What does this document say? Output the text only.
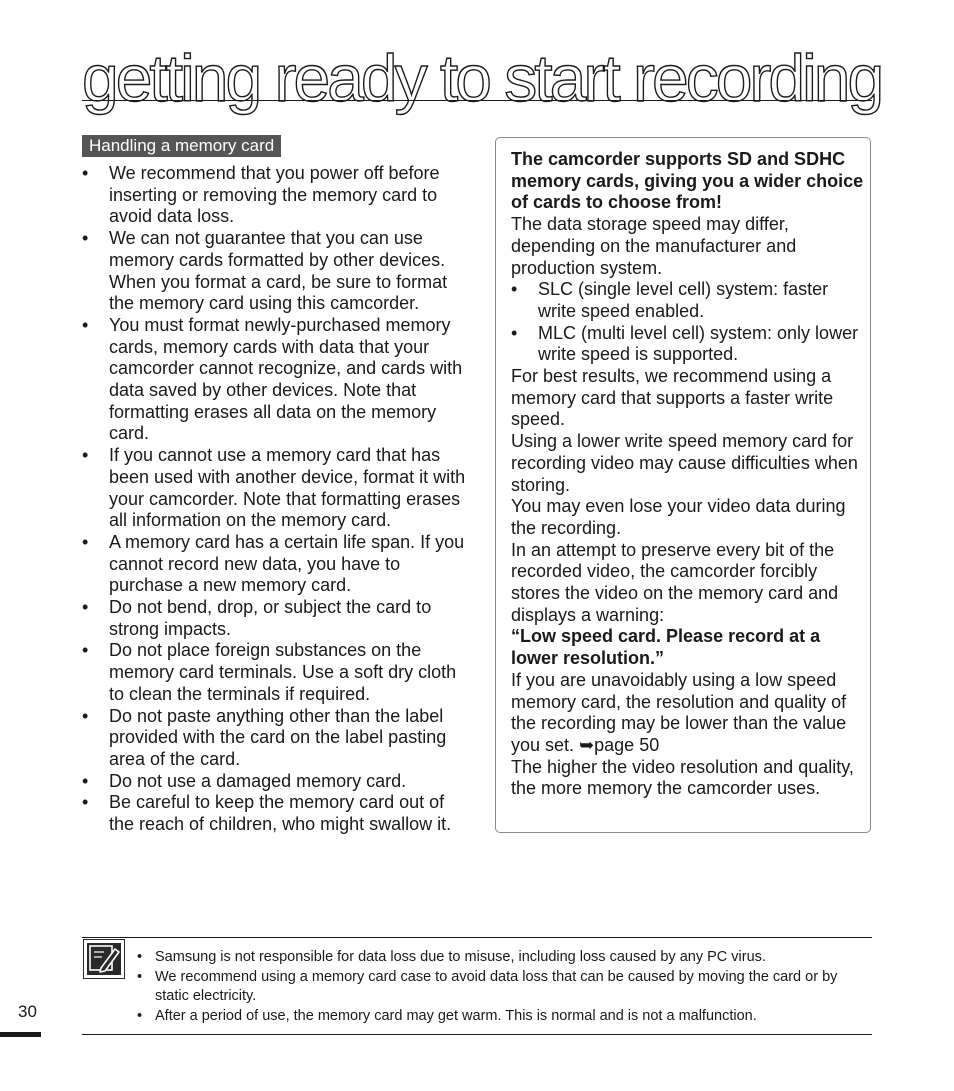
getting ready to start recording
Handling a memory card
• We recommend that you power off before inserting or removing the memory card to avoid data loss.
• We can not guarantee that you can use memory cards formatted by other devices. When you format a card, be sure to format the memory card using this camcorder.
• You must format newly-purchased memory cards, memory cards with data that your camcorder cannot recognize, and cards with data saved by other devices. Note that formatting erases all data on the memory card.
• If you cannot use a memory card that has been used with another device, format it with your camcorder. Note that formatting erases all information on the memory card.
• A memory card has a certain life span. If you cannot record new data, you have to purchase a new memory card.
• Do not bend, drop, or subject the card to strong impacts.
• Do not place foreign substances on the memory card terminals. Use a soft dry cloth to clean the terminals if required.
• Do not paste anything other than the label provided with the card on the label pasting area of the card.
• Do not use a damaged memory card.
• Be careful to keep the memory card out of the reach of children, who might swallow it.

The camcorder supports SD and SDHC memory cards, giving you a wider choice of cards to choose from!

The data storage speed may differ, depending on the manufacturer and production system.

• SLC (single level cell) system: faster write speed enabled.
• MLC (multi level cell) system: only lower write speed is supported.

For best results, we recommend using a memory card that supports a faster write speed.

Using a lower write speed memory card for recording video may cause difficulties when storing.

You may even lose your video data during the recording.

In an attempt to preserve every bit of the recorded video, the camcorder forcibly stores the video on the memory card and displays a warning:

“Low speed card. Please record at a lower resolution.”

If you are unavoidably using a low speed memory card, the resolution and quality of the recording may be lower than the value you set. ➥page 50

The higher the video resolution and quality, the more memory the camcorder uses.

• Samsung is not responsible for data loss due to misuse, including loss caused by any PC virus.
• We recommend using a memory card case to avoid data loss that can be caused by moving the card or by static electricity.
• After a period of use, the memory card may get warm. This is normal and is not a malfunction.
30
